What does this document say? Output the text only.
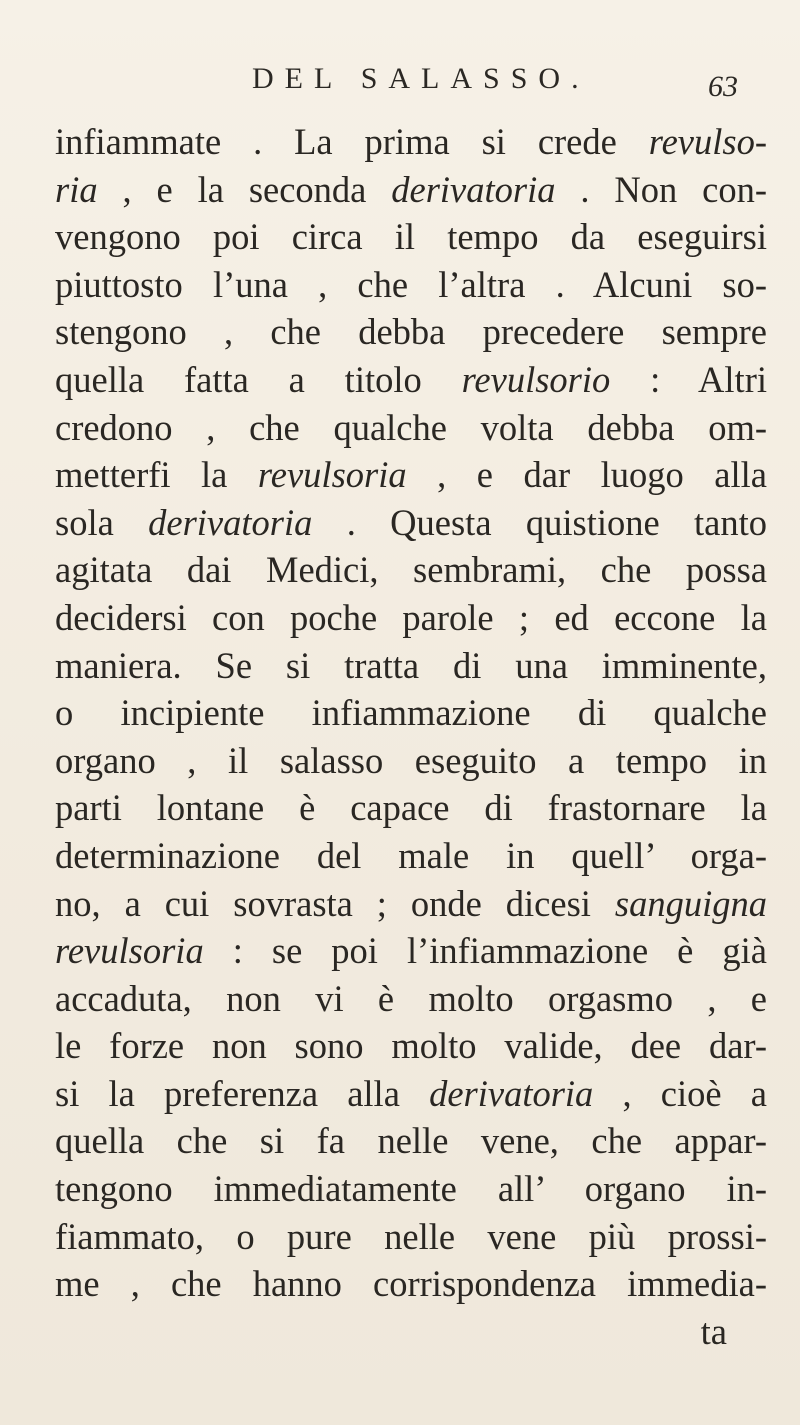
DEL SALASSO.	63
infiammate . La prima si crede revulso-
ria , e la seconda derivatoria . Non con-
vengono poi circa il tempo da eseguirsi
piuttosto l’una , che l’altra . Alcuni so-
stengono , che debba precedere sempre
quella fatta a titolo revulsorio : Altri
credono , che qualche volta debba om-
metterfi la revulsoria , e dar luogo alla
sola derivatoria . Questa quistione tanto
agitata dai Medici, sembrami, che possa
decidersi con poche parole ; ed eccone la
maniera. Se si tratta di una imminente,
o incipiente infiammazione di qualche
organo , il salasso eseguito a tempo in
parti lontane è capace di frastornare la
determinazione del male in quell’ orga-
no, a cui sovrasta ; onde dicesi sanguigna
revulsoria : se poi l’infiammazione è già
accaduta, non vi è molto orgasmo , e
le forze non sono molto valide, dee dar-
si la preferenza alla derivatoria , cioè a
quella che si fa nelle vene, che appar-
tengono immediatamente all’ organo in-
fiammato, o pure nelle vene più prossi-
me , che hanno corrispondenza immedia-
ta
